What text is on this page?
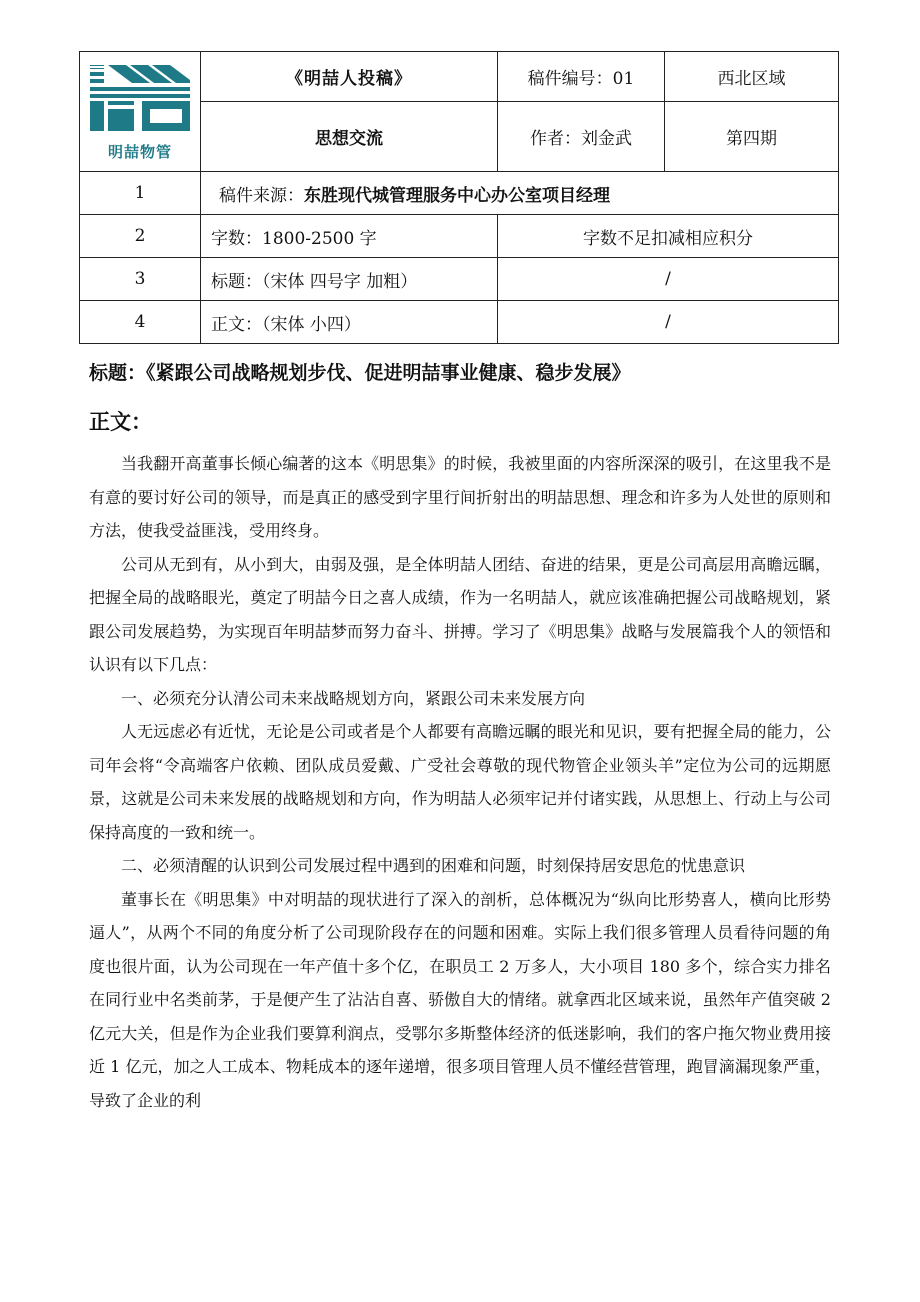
明喆物管	《明喆人投稿》	稿件编号：01	西北区域
	思想交流	作者：刘金武	第四期
1	稿件来源：东胜现代城管理服务中心办公室项目经理		
2	字数：1800-2500 字	字数不足扣减相应积分	
3	标题：（宋体 四号字 加粗）	/	
4	正文：（宋体 小四）	/	
标题：《紧跟公司战略规划步伐、促进明喆事业健康、稳步发展》
正文：

当我翻开高董事长倾心编著的这本《明思集》的时候，我被里面的内容所深深的吸引，在这里我不是有意的要讨好公司的领导，而是真正的感受到字里行间折射出的明喆思想、理念和许多为人处世的原则和方法，使我受益匪浅，受用终身。

公司从无到有，从小到大，由弱及强，是全体明喆人团结、奋进的结果，更是公司高层用高瞻远瞩，把握全局的战略眼光，奠定了明喆今日之喜人成绩，作为一名明喆人，就应该准确把握公司战略规划，紧跟公司发展趋势，为实现百年明喆梦而努力奋斗、拼搏。学习了《明思集》战略与发展篇我个人的领悟和认识有以下几点：

一、必须充分认清公司未来战略规划方向，紧跟公司未来发展方向

人无远虑必有近忧，无论是公司或者是个人都要有高瞻远瞩的眼光和见识，要有把握全局的能力，公司年会将“令高端客户依赖、团队成员爱戴、广受社会尊敬的现代物管企业领头羊”定位为公司的远期愿景，这就是公司未来发展的战略规划和方向，作为明喆人必须牢记并付诸实践，从思想上、行动上与公司保持高度的一致和统一。

二、必须清醒的认识到公司发展过程中遇到的困难和问题，时刻保持居安思危的忧患意识

董事长在《明思集》中对明喆的现状进行了深入的剖析，总体概况为“纵向比形势喜人，横向比形势逼人”，从两个不同的角度分析了公司现阶段存在的问题和困难。实际上我们很多管理人员看待问题的角度也很片面，认为公司现在一年产值十多个亿，在职员工 2 万多人，大小项目 180 多个，综合实力排名在同行业中名类前茅，于是便产生了沾沾自喜、骄傲自大的情绪。就拿西北区域来说，虽然年产值突破 2 亿元大关，但是作为企业我们要算利润点，受鄂尔多斯整体经济的低迷影响，我们的客户拖欠物业费用接近 1 亿元，加之人工成本、物耗成本的逐年递增，很多项目管理人员不懂经营管理，跑冒滴漏现象严重，导致了企业的利
